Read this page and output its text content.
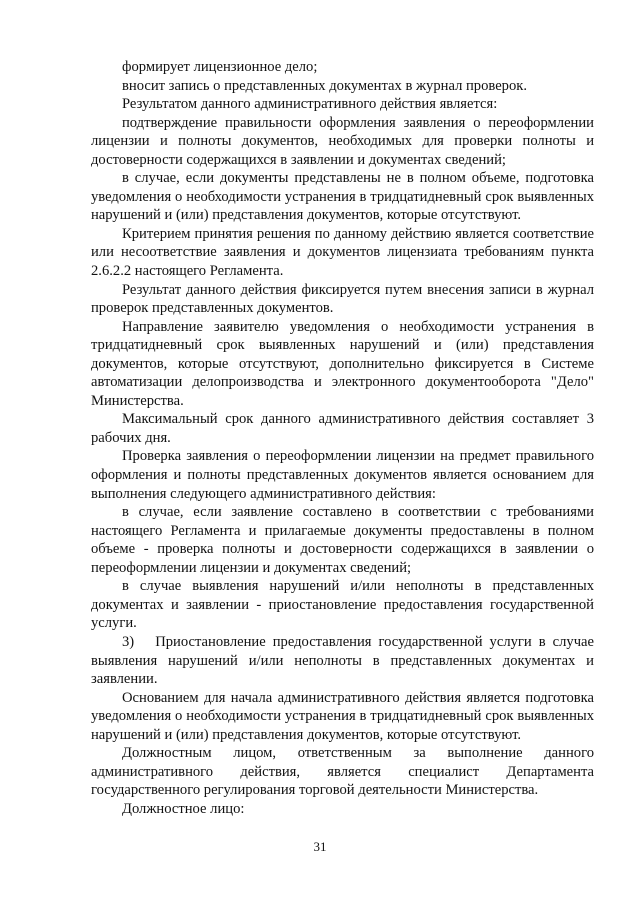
формирует лицензионное дело;

вносит запись о представленных документах в журнал проверок.

Результатом данного административного действия является:

подтверждение правильности оформления заявления о переоформлении лицензии и полноты документов, необходимых для проверки полноты и достоверности содержащихся в заявлении и документах сведений;

в случае, если документы представлены не в полном объеме, подготовка уведомления о необходимости устранения в тридцатидневный срок выявленных нарушений и (или) представления документов, которые отсутствуют.

Критерием принятия решения по данному действию является соответствие или несоответствие заявления и документов лицензиата требованиям пункта 2.6.2.2 настоящего Регламента.

Результат данного действия фиксируется путем внесения записи в журнал проверок представленных документов.

Направление заявителю уведомления о необходимости устранения в тридцатидневный срок выявленных нарушений и (или) представления документов, которые отсутствуют, дополнительно фиксируется в Системе автоматизации делопроизводства и электронного документооборота "Дело" Министерства.

Максимальный срок данного административного действия составляет 3 рабочих дня.

Проверка заявления о переоформлении лицензии на предмет правильного оформления и полноты представленных документов является основанием для выполнения следующего административного действия:

в случае, если заявление составлено в соответствии с требованиями настоящего Регламента и прилагаемые документы предоставлены в полном объеме - проверка полноты и достоверности содержащихся в заявлении о переоформлении лицензии и документах сведений;

в случае выявления нарушений и/или неполноты в представленных документах и заявлении - приостановление предоставления государственной услуги.

3)   Приостановление предоставления государственной услуги в случае выявления нарушений и/или неполноты в представленных документах и заявлении.

Основанием для начала административного действия является подготовка уведомления о необходимости устранения в тридцатидневный срок выявленных нарушений и (или) представления документов, которые отсутствуют.

Должностным лицом, ответственным за выполнение данного административного действия, является специалист Департамента государственного регулирования торговой деятельности Министерства.

Должностное лицо:

31
